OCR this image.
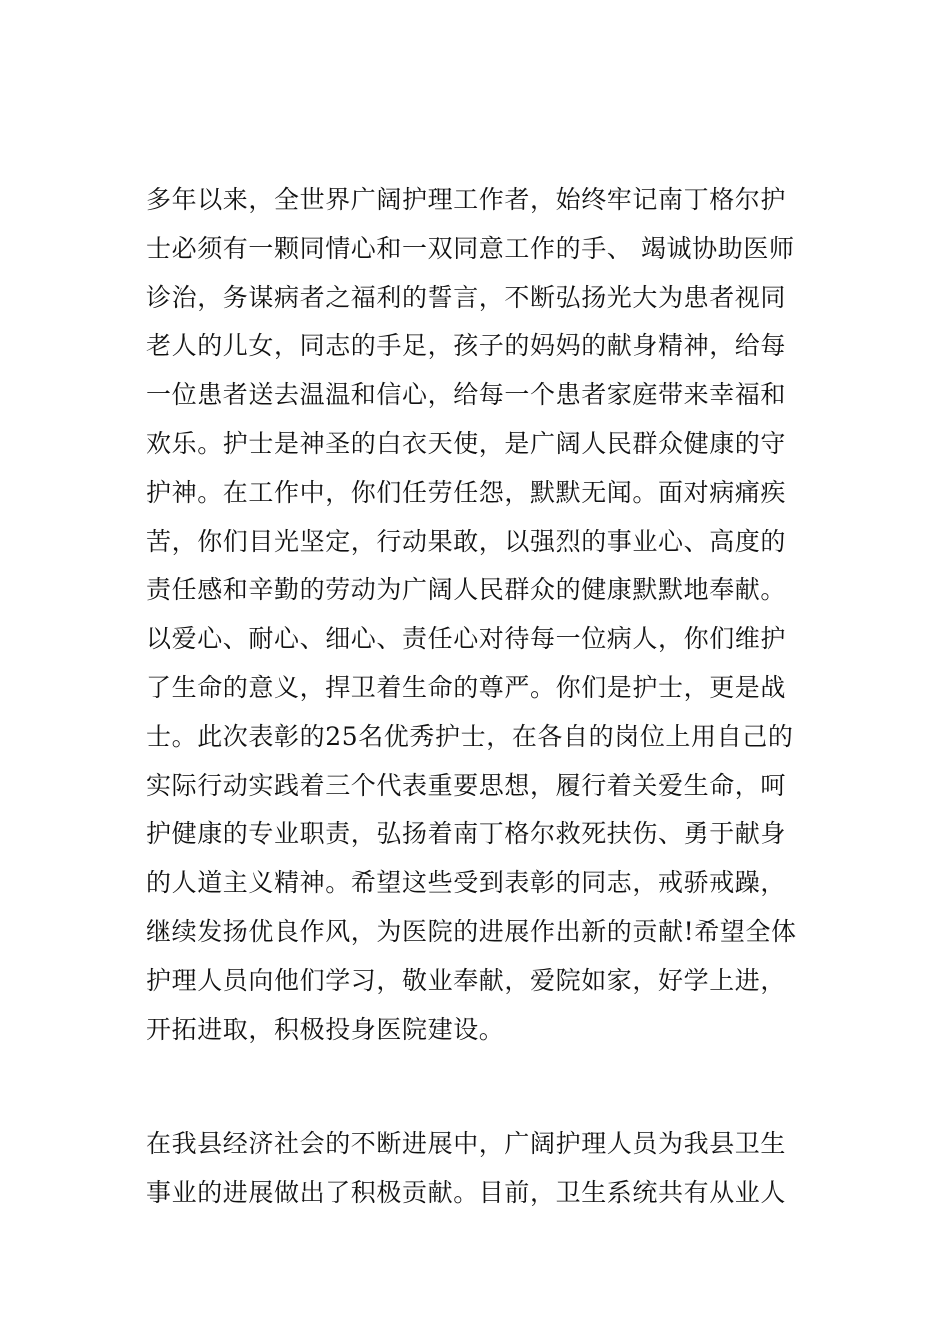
多年以来，全世界广阔护理工作者，始终牢记南丁格尔护
士必须有一颗同情心和一双同意工作的手、 竭诚协助医师
诊治，务谋病者之福利的誓言，不断弘扬光大为患者视同
老人的儿女，同志的手足，孩子的妈妈的献身精神，给每
一位患者送去温温和信心，给每一个患者家庭带来幸福和
欢乐。护士是神圣的白衣天使，是广阔人民群众健康的守
护神。在工作中，你们任劳任怨，默默无闻。面对病痛疾
苦，你们目光坚定，行动果敢，以强烈的事业心、高度的
责任感和辛勤的劳动为广阔人民群众的健康默默地奉献。
以爱心、耐心、细心、责任心对待每一位病人，你们维护
了生命的意义，捍卫着生命的尊严。你们是护士，更是战
士。此次表彰的25名优秀护士，在各自的岗位上用自己的
实际行动实践着三个代表重要思想，履行着关爱生命，呵
护健康的专业职责，弘扬着南丁格尔救死扶伤、勇于献身
的人道主义精神。希望这些受到表彰的同志，戒骄戒躁，
继续发扬优良作风，为医院的进展作出新的贡献!希望全体
护理人员向他们学习，敬业奉献，爱院如家，好学上进，
开拓进取，积极投身医院建设。
在我县经济社会的不断进展中，广阔护理人员为我县卫生
事业的进展做出了积极贡献。目前，卫生系统共有从业人
